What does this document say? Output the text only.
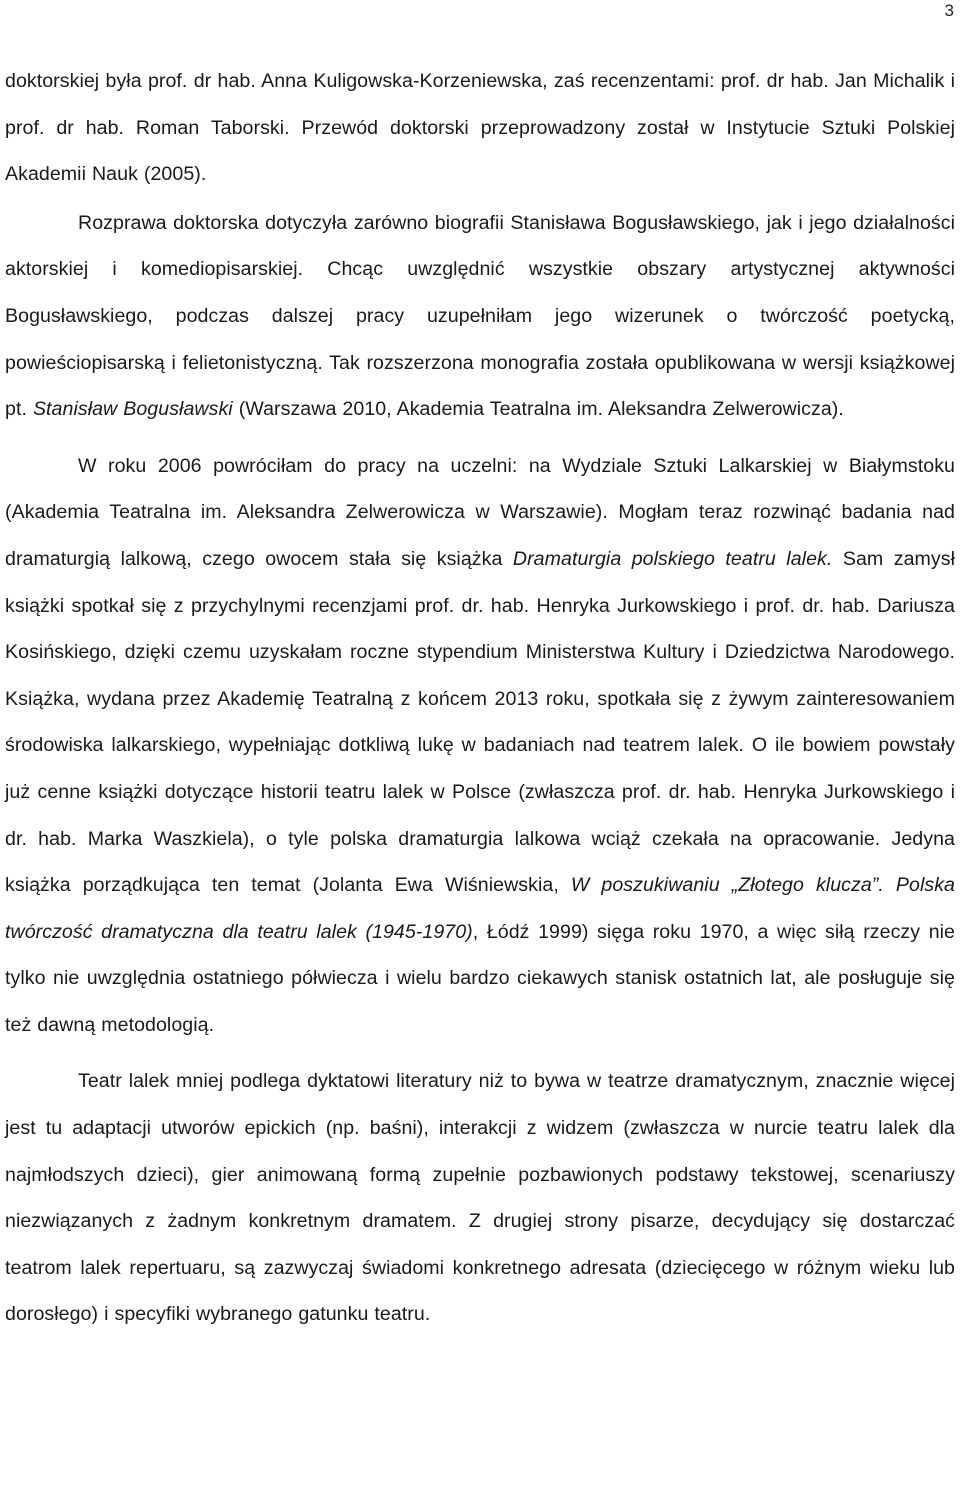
3

doktorskiej była prof. dr hab. Anna Kuligowska-Korzeniewska, zaś recenzentami: prof. dr hab. Jan Michalik i prof. dr hab. Roman Taborski. Przewód doktorski przeprowadzony został w Instytucie Sztuki Polskiej Akademii Nauk (2005).

Rozprawa doktorska dotyczyła zarówno biografii Stanisława Bogusławskiego, jak i jego działalności aktorskiej i komediopisarskiej. Chcąc uwzględnić wszystkie obszary artystycznej aktywności Bogusławskiego, podczas dalszej pracy uzupełniłam jego wizerunek o twórczość poetycką, powieściopisarską i felietonistyczną. Tak rozszerzona monografia została opublikowana w wersji książkowej pt. Stanisław Bogusławski (Warszawa 2010, Akademia Teatralna im. Aleksandra Zelwerowicza).

W roku 2006 powróciłam do pracy na uczelni: na Wydziale Sztuki Lalkarskiej w Białymstoku (Akademia Teatralna im. Aleksandra Zelwerowicza w Warszawie). Mogłam teraz rozwinąć badania nad dramaturgią lalkową, czego owocem stała się książka Dramaturgia polskiego teatru lalek. Sam zamysł książki spotkał się z przychylnymi recenzjami prof. dr. hab. Henryka Jurkowskiego i prof. dr. hab. Dariusza Kosińskiego, dzięki czemu uzyskałam roczne stypendium Ministerstwa Kultury i Dziedzictwa Narodowego. Książka, wydana przez Akademię Teatralną z końcem 2013 roku, spotkała się z żywym zainteresowaniem środowiska lalkarskiego, wypełniając dotkliwą lukę w badaniach nad teatrem lalek. O ile bowiem powstały już cenne książki dotyczące historii teatru lalek w Polsce (zwłaszcza prof. dr. hab. Henryka Jurkowskiego i dr. hab. Marka Waszkiela), o tyle polska dramaturgia lalkowa wciąż czekała na opracowanie. Jedyna książka porządkująca ten temat (Jolanta Ewa Wiśniewskia, W poszukiwaniu „Złotego klucza”. Polska twórczość dramatyczna dla teatru lalek (1945-1970), Łódź 1999) sięga roku 1970, a więc siłą rzeczy nie tylko nie uwzględnia ostatniego półwiecza i wielu bardzo ciekawych stanisk ostatnich lat, ale posługuje się też dawną metodologią.

Teatr lalek mniej podlega dyktatowi literatury niż to bywa w teatrze dramatycznym, znacznie więcej jest tu adaptacji utworów epickich (np. baśni), interakcji z widzem (zwłaszcza w nurcie teatru lalek dla najmłodszych dzieci), gier animowaną formą zupełnie pozbawionych podstawy tekstowej, scenariuszy niezwiązanych z żadnym konkretnym dramatem. Z drugiej strony pisarze, decydujący się dostarczać teatrom lalek repertuaru, są zazwyczaj świadomi konkretnego adresata (dziecięcego w różnym wieku lub dorosłego) i specyfiki wybranego gatunku teatru.
